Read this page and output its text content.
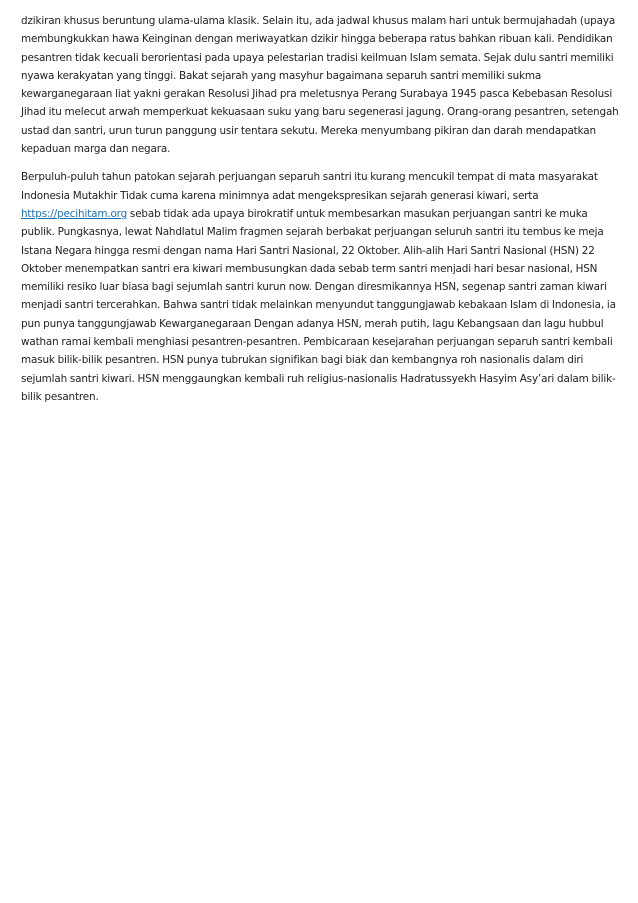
dzikiran khusus beruntung ulama-ulama klasik. Selain itu, ada jadwal khusus malam hari untuk bermujahadah (upaya membungkukkan hawa Keinginan dengan meriwayatkan dzikir hingga beberapa ratus bahkan ribuan kali. Pendidikan pesantren tidak kecuali berorientasi pada upaya pelestarian tradisi keilmuan Islam semata. Sejak dulu santri memiliki nyawa kerakyatan yang tinggi. Bakat sejarah yang masyhur bagaimana separuh santri memiliki sukma kewarganegaraan liat yakni gerakan Resolusi Jihad pra meletusnya Perang Surabaya 1945 pasca Kebebasan Resolusi Jihad itu melecut arwah memperkuat kekuasaan suku yang baru segenerasi jagung. Orang-orang pesantren, setengah ustad dan santri, urun turun panggung usir tentara sekutu. Mereka menyumbang pikiran dan darah mendapatkan kepaduan marga dan negara.

Berpuluh-puluh tahun patokan sejarah perjuangan separuh santri itu kurang mencukil tempat di mata masyarakat Indonesia Mutakhir Tidak cuma karena minimnya adat mengekspresikan sejarah generasi kiwari, serta https://pecihitam.org sebab tidak ada upaya birokratif untuk membesarkan masukan perjuangan santri ke muka publik. Pungkasnya, lewat Nahdlatul Malim fragmen sejarah berbakat perjuangan seluruh santri itu tembus ke meja Istana Negara hingga resmi dengan nama Hari Santri Nasional, 22 Oktober. Alih-alih Hari Santri Nasional (HSN) 22 Oktober menempatkan santri era kiwari membusungkan dada sebab term santri menjadi hari besar nasional, HSN memiliki resiko luar biasa bagi sejumlah santri kurun now. Dengan diresmikannya HSN, segenap santri zaman kiwari menjadi santri tercerahkan. Bahwa santri tidak melainkan menyundut tanggungjawab kebakaan Islam di Indonesia, ia pun punya tanggungjawab Kewarganegaraan Dengan adanya HSN, merah putih, lagu Kebangsaan dan lagu hubbul wathan ramai kembali menghiasi pesantren-pesantren. Pembicaraan kesejarahan perjuangan separuh santri kembali masuk bilik-bilik pesantren. HSN punya tubrukan signifikan bagi biak dan kembangnya roh nasionalis dalam diri sejumlah santri kiwari. HSN menggaungkan kembali ruh religius-nasionalis Hadratussyekh Hasyim Asy’ari dalam bilik-bilik pesantren.
